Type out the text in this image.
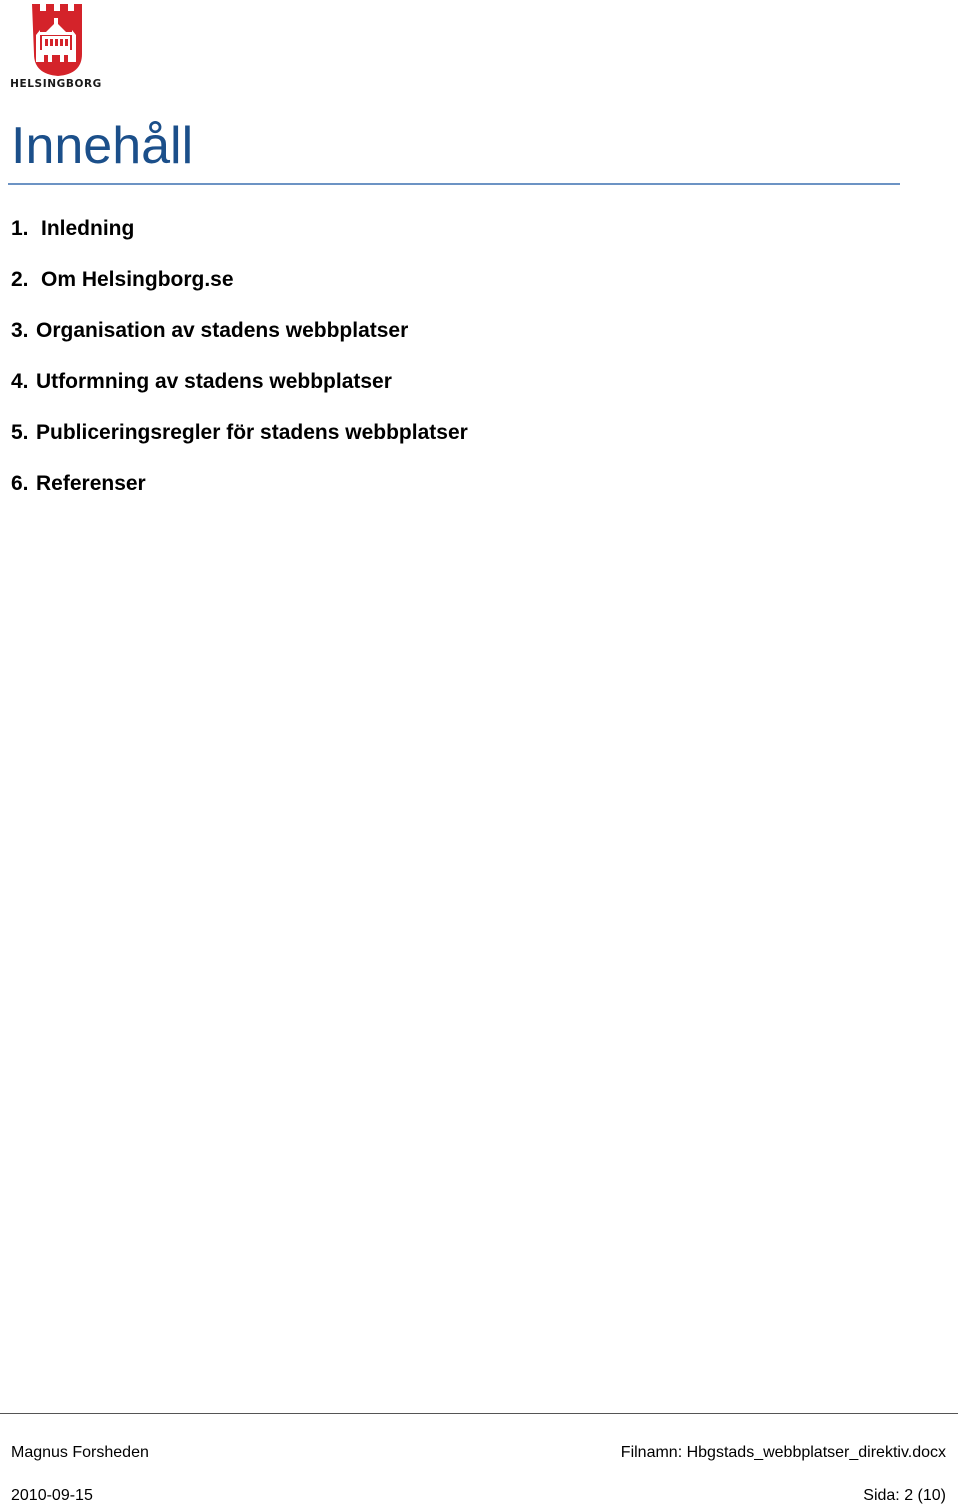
HELSINGBORG
Innehåll
1. Inledning
2. Om Helsingborg.se
3. Organisation av stadens webbplatser
4. Utformning av stadens webbplatser
5. Publiceringsregler för stadens webbplatser
6. Referenser
Magnus Forsheden	Filnamn: Hbgstads_webbplatser_direktiv.docx
2010-09-15	Sida: 2 (10)
